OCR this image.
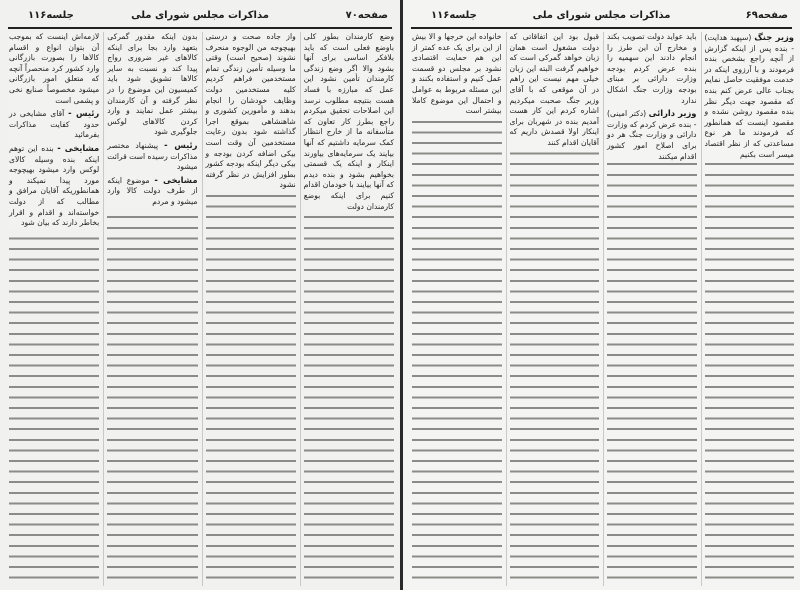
صفحه۷۰
مذاکرات مجلس شورای ملی
جلسه۱۱۶

وضع کارمندان بطور کلی باوضع فعلی است که باید بلافکر اساسی برای آنها بشود والا اگر وضع زندگی کارمندان تأمین نشود این عمل که مبارزه با فساد هست بنتیجه مطلوب نرسد این اصلاحات تحقیق میکردم راجع بطرز کار تعاون که متأسفانه ما از خارج انتظار کمک سرمایه داشتیم که آنها بیایند یک سرمایه‌های بیاورند اینکار و اینکه یک قسمتی بخواهیم بشود و بنده دیدم که آنها بیایند با خودمان اقدام کنیم برای اینکه بوضع کارمندان دولت

واز جاده صحت و درستی بهیچوجه من الوجوه منحرف نشوند (صحیح است) وقتی ما وسیله تأمین زندگی تمام مستخدمین فراهم کردیم کلیه مستخدمین دولت وظایف خودشان را انجام بدهند و مأمورین کشوری و شاهنشاهی بموقع اجرا گذاشته شود بدون رعایت مستخدمین آن وقت است بیکی اضافه کردن بودجه و بیکی دیگر اینکه بودجه کشور بطور افزایش در نظر گرفته نشود

بدون اینکه مقدور گمرکی بتعهد وارد بجا برای اینکه کالاهای غیر ضروری رواج پیدا کند و نسبت به سایر کالاها تشویق شود باید کمیسیون این موضوع را در نظر گرفته و آن کارمندان بیشتر عمل نمایند و وارد کردن کالاهای لوکس جلوگیری شود

رئیس - پیشنهاد مختصر مذاکرات رسیده است قرائت میشود

مشایخی - موضوع اینکه از طرف دولت کالا وارد میشود و مردم

لازمه‌اش اینست که بموجب آن بتوان انواع و اقسام کالاها را بصورت بازرگانی وارد کشور کرد منحصراً آنچه که متعلق امور بازرگانی میشود مخصوصاً صنایع نخی و پشمی است

رئیس - آقای مشایخی در حدود کفایت مذاکرات بفرمائید

مشایخی - بنده این توهم اینکه بنده وسیله کالای لوکس وارد میشود بهیچوجه مورد پیدا نمیکند و همانطوریکه آقایان مرافق و مطالب که از دولت خواسته‌اند و اقدام و اقرار بخاطر دارند که بیان شود

صفحه۶۹
مذاکرات مجلس شورای ملی
جلسه۱۱۶

وزیر جنگ (سپهبد هدایت) - بنده پس از اینکه گزارش از آنچه راجع بشخص بنده فرمودند و با آرزوی اینکه در خدمت موفقیت حاصل نمایم بجناب عالی عرض کنم بنده که مقصود جهت دیگر نظر بنده مقصود روشن نشده و مقصود اینست که همانطور که فرمودند ما هر نوع مساعدتی که از نظر اقتصاد میسر است بکنیم

باید عواید دولت تصویب بکند و مخارج آن این طرز را انجام دادند این سهمیه را بنده عرض کردم بودجه وزارت دارائی بر مبنای بودجه وزارت جنگ اشکال ندارد

وزیر دارائی (دکتر امینی) - بنده عرض کردم که وزارت دارائی و وزارت جنگ هر دو برای اصلاح امور کشور اقدام میکنند

قبول بود این اتفاقاتی که دولت مشغول است همان زبان خواهد گمرکی است که خواهیم گرفت البته این زبان خیلی مهم نیست این راهم در آن موقعی که با آقای وزیر جنگ صحبت میکردیم اشاره کردم این کار هست آمدیم بنده در شهربان برای اینکار اولا قصدش داریم که آقایان اقدام کنند

خانواده این خرجها و الا بیش از این برای یک عده کمتر از این هم حمایت اقتصادی نشود بر مجلس دو قسمت عمل کنیم و استفاده بکنند و این مسئله مربوط به عوامل و احتمال این موضوع کاملا بیشتر است
